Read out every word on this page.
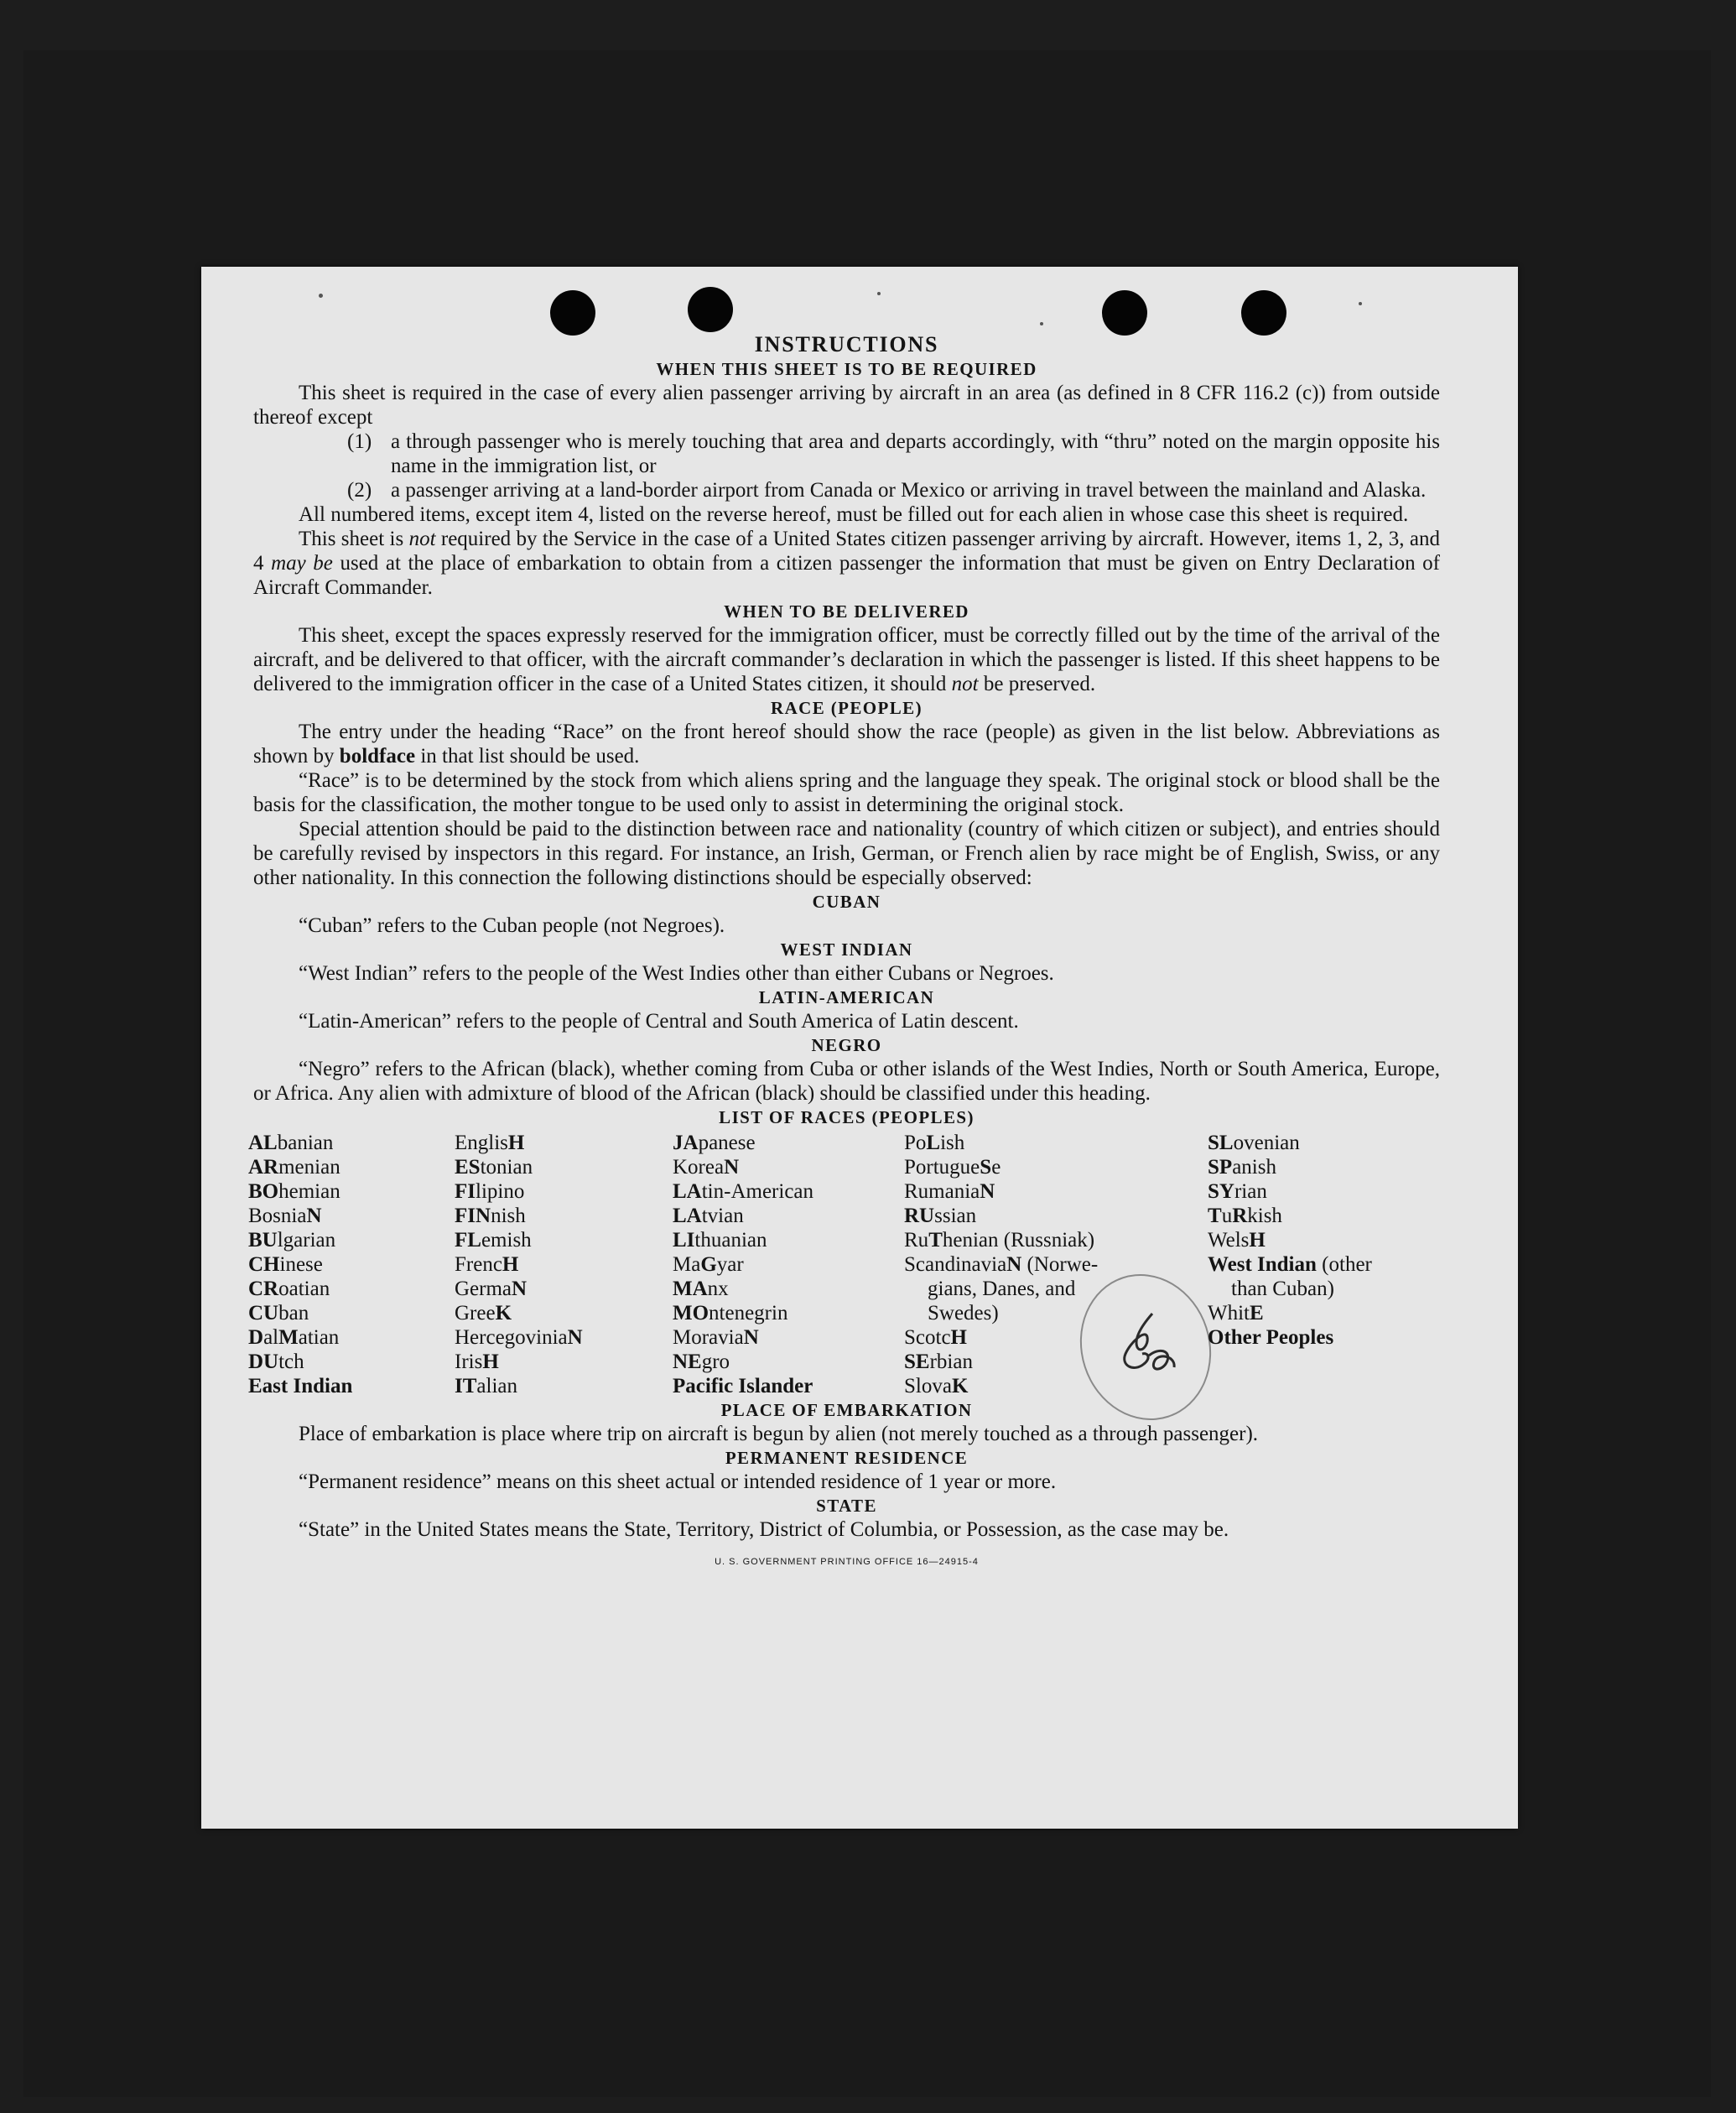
INSTRUCTIONS
WHEN THIS SHEET IS TO BE REQUIRED

This sheet is required in the case of every alien passenger arriving by aircraft in an area (as defined in 8 CFR 116.2 (c)) from outside thereof except

(1) a through passenger who is merely touching that area and departs accordingly, with “thru” noted on the margin opposite his name in the immigration list, or
(2) a passenger arriving at a land-border airport from Canada or Mexico or arriving in travel between the mainland and Alaska.

All numbered items, except item 4, listed on the reverse hereof, must be filled out for each alien in whose case this sheet is required.

This sheet is not required by the Service in the case of a United States citizen passenger arriving by aircraft. However, items 1, 2, 3, and 4 may be used at the place of embarkation to obtain from a citizen passenger the information that must be given on Entry Declaration of Aircraft Commander.

WHEN TO BE DELIVERED

This sheet, except the spaces expressly reserved for the immigration officer, must be correctly filled out by the time of the arrival of the aircraft, and be delivered to that officer, with the aircraft commander’s declaration in which the passenger is listed. If this sheet happens to be delivered to the immigration officer in the case of a United States citizen, it should not be preserved.

RACE (PEOPLE)

The entry under the heading “Race” on the front hereof should show the race (people) as given in the list below. Abbreviations as shown by boldface in that list should be used.

“Race” is to be determined by the stock from which aliens spring and the language they speak. The original stock or blood shall be the basis for the classification, the mother tongue to be used only to assist in determining the original stock.

Special attention should be paid to the distinction between race and nationality (country of which citizen or subject), and entries should be carefully revised by inspectors in this regard. For instance, an Irish, German, or French alien by race might be of English, Swiss, or any other nationality. In this connection the following distinctions should be especially observed:

CUBAN

“Cuban” refers to the Cuban people (not Negroes).

WEST INDIAN

“West Indian” refers to the people of the West Indies other than either Cubans or Negroes.

LATIN-AMERICAN

“Latin-American” refers to the people of Central and South America of Latin descent.

NEGRO

“Negro” refers to the African (black), whether coming from Cuba or other islands of the West Indies, North or South America, Europe, or Africa. Any alien with admixture of blood of the African (black) should be classified under this heading.

LIST OF RACES (PEOPLES)
ALbanian
ARmenian
BOhemian
BosniaN
BUlgarian
CHinese
CRoatian
CUban
DalMatian
DUtch
East Indian
EnglisH
EStonian
FIlipino
FINnish
FLemish
FrencH
GermaN
GreeK
HercegoviniaN
IrisH
ITalian
JApanese
KoreaN
LAtin-American
LAtvian
LIthuanian
MaGyar
MAnx
MOntenegrin
MoraviaN
NEgro
Pacific Islander
PoLish
PortugueSe
RumaniaN
RUssian
RuThenian (Russniak)
ScandinaviaN (Norwe-
gians, Danes, and
Swedes)
ScotcH
SErbian
SlovaK
SLovenian
SPanish
SYrian
TuRkish
WelsH
West Indian (other
than Cuban)
WhitE
Other Peoples
PLACE OF EMBARKATION

Place of embarkation is place where trip on aircraft is begun by alien (not merely touched as a through passenger).

PERMANENT RESIDENCE

“Permanent residence” means on this sheet actual or intended residence of 1 year or more.

STATE

“State” in the United States means the State, Territory, District of Columbia, or Possession, as the case may be.

U. S. GOVERNMENT PRINTING OFFICE 16—24915-4
